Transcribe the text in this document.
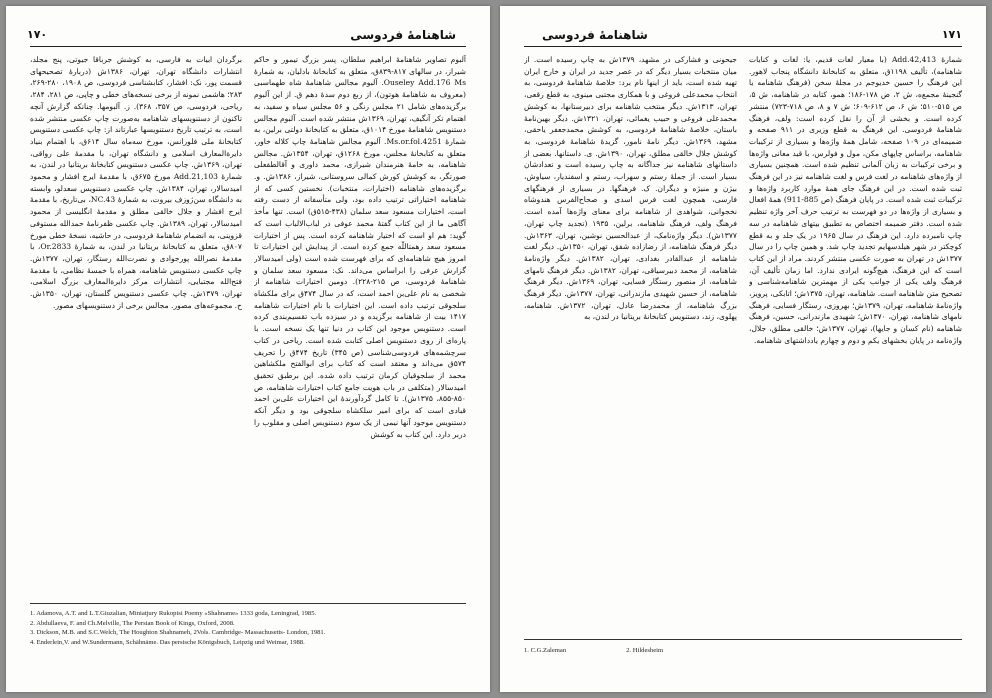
شاهنامهٔ فردوسی
۱۷۰

برگردان ابیات به فارسی، به کوشش جرباقا جیوتی، پنج مجلد، انتشارات دانشگاه تهران، تهران، ۱۳۸۶ش (دربارهٔ تصحیحهای قسمت پور، نک: افشار، کتابشناسی فردوسی، ص ۱۹۰۸، ۲۸۰-۲۶۹، ۲۸۳؛ هاشمی نمونه از برخی نسخه‌های خطی و چاپی، ص ۲۸۱، ۲۸۴، ریاحی، فردوسی، ص ۳۵۷، ۳۶۸). ز. آلبومها. چنانکه گزارش آنچه تاکنون از دستنویسهای شاهنامه به‌صورت چاپ عکسی منتشر شده است، به ترتیب تاریخ دستنویسها عبارتاند از: چاپ عکسی دستنویس کتابخانهٔ ملی فلورانس، مورخ سه‌ماه سال ۶۱۴ق، با اهتمام بنیاد دایرةالمعارف اسلامی و دانشگاه تهران، با مقدمهٔ علی رواقی، تهران، ۱۳۶۹ش. چاپ عکسی دستنویس کتابخانهٔ بریتانیا در لندن، به شمارهٔ Add.21,103 مورخ ۶۷۵ق، با مقدمهٔ ایرج افشار و محمود امیدسالار، تهران، ۱۳۸۴ش. چاپ عکسی دستنویس سعدلو، وابسته به دانشگاه سن‌ژوزف بیروت، به شمارهٔ NC.43، بی‌تاریخ، با مقدمهٔ ایرج افشار و جلال خالقی مطلق و مقدمهٔ انگلیسی از محمود امیدسالار، تهران، ۱۳۸۹ش. چاپ عکسی ظفرنامهٔ حمدالله مستوفی قزوینی، به انضمام شاهنامهٔ فردوسی، در حاشیه، نسخهٔ خطی مورخ ۸۰۷ق، متعلق به کتابخانهٔ بریتانیا در لندن، به شمارهٔ Or.2833، با مقدمهٔ نصرالله پورجوادی و نصرت‌الله رستگار، تهران، ۱۳۷۷ش. چاپ عکسی دستنویس شاهنامه، همراه با خمسهٔ نظامی، با مقدمهٔ فتح‌الله مجتبایی، انتشارات مرکز دایرةالمعارف بزرگ اسلامی، تهران، ۱۳۷۹ش. چاپ عکسی دستنویس گلستان، تهران، ۱۳۵۰ش. ح. مجموعه‌های مصور. مجالس برخی از دستنویسهای مصور.

آلبوم تصاویر شاهنامهٔ ابراهیم سلطان، پسر بزرگ تیمور و حاکم شیراز، در سالهای ۸۱۷-۸۳۹ق، متعلق به کتابخانهٔ بادلیان، به شمارهٔ Ouseley Add.176 Ms. آلبوم مجالس شاهنامهٔ شاه طهماسبی (معروف به شاهنامهٔ هوتون)، از ربع دوم سدهٔ دهم ق. از این آلبوم برگزیده‌های شامل ۲۱ مجلس رنگی و ۵۶ مجلس سیاه و سفید، به اهتمام تکر آنگیف، تهران، ۱۳۶۹ش منتشر شده است. آلبوم مجالس دستنویس شاهنامهٔ مورخ ۱۰۱۴ق، متعلق به کتابخانهٔ دولتی برلین، به شمارهٔ Ms.or.fol.4251. آلبوم مجالس شاهنامهٔ چاپ کلاله خاور، متعلق به کتابخانهٔ مجلس، مورخ ۱۲۶۸ق، تهران، ۱۳۵۴ش. مجالس شاهنامه، به خامهٔ هنرمندان شیرازی، محمد داوری و آقالطفعلی صورتگر، به کوشش کورش کمالی سروستانی، شیراز، ۱۳۸۶ش. و. برگزیده‌های شاهنامه (اختیارات، منتخبات). نخستین کسی که از شاهنامه اختیاراتی ترتیب داده بود، ولی متأسفانه از دست رفته است، اختیارات مسعود سعد سلمان (۴۳۸-۵۱۵ق) است. تنها مأخذ آگاهی ما از این کتاب گفتهٔ محمد عوفی در لباب‌الالباب است که گوید: هم او است که اختیار شاهنامه کرده است. پس از اختیارات مسعود سعد رهمتاللّه جمع کرده است. از پیدایش این اختیارات تا امروز هیچ شاهنامه‌ای که برای فهرست شده است (ولی امیدسالار گزارش عرفی را ابراساس می‌داند. نک: مسعود سعد سلمان و شاهنامهٔ فردوسی، ص ۲۱۵-۲۲۸). دومین اختیارات شاهنامه از شخصی به نام علی‌بن احمد است، که در سال ۴۷۴ق برای ملکشاه سلجوقی ترتیب داده است. این اختیارات با نام اختیارات شاهنامه ۱۴۱۷ بیت از شاهنامه برگزیده و در سیزده باب تقسیم‌بندی کرده است. دستنویس موجود این کتاب در دنیا تنها یک نسخه است. با پاره‌ای از روی دستنویس اصلی کتابت شده است. ریاحی در کتاب سرچشمه‌های فردوسی‌شناسی (ص ۳۴۵) تاریخ ۴۷۴ق را تحریف ۵۷۴ق می‌داند و معتقد است که کتاب برای ابوالفتح ملکشاهین محمد از سلجوقیان کرمان ترتیب داده شده. این برطبق تحقیق امیدسالار (متکلفی در باب هویت جامع کتاب اختیارات شاهنامه، ص ۸۵۰-۸۵۵، ۱۳۷۵ش). تا کامل گردآورندهٔ این اختیارات علی‌بن احمد قبادی است که برای امیر سلکشاه سلجوقی بود و دیگر آنکه دستنویس موجود آنها نیمی از یک سوم دستنویس اصلی و مقلوب را دربر دارد. این کتاب به کوشش

1. Adamova, A.T. and L.T.Giuzalian, Miniatjury Rukopisi Poemy «Shahname» 1333 goda, Leningrad, 1985.
2. Abdullaeva, F. and Ch.Melville, The Persian Book of Kings, Oxford, 2008.
3. Dickson, M.B. and S.C.Welch, The Houghton Shahnameh, 2Vols. Cambridge- Massachusetts- London, 1981.
4. Enderlein,V. and W.Sundermann, Schāhnāme. Das persische Königsbuch, Leipzig und Weimar, 1988.
شاهنامهٔ فردوسی	۱۷۱

جیحونی و فشارکی در مشهد، ۱۳۷۹ش به چاپ رسیده است. از میان منتخبات بسیار دیگر که در عصر جدید در ایران و خارج ایران تهیه شده است، باید از اینها نام برد: خلاصهٔ شاهنامهٔ فردوسی، به انتخاب محمدعلی فروغی و با همکاری مجتبی مینوی، به قطع رقعی، تهران، ۱۳۱۳ش. دیگر منتخب شاهنامه برای دبیرستانها، به کوشش محمدعلی فروغی و حبیب یغمائی، تهران، ۱۳۲۱ش. دیگر بهین‌نامهٔ باستان، خلاصهٔ شاهنامهٔ فردوسی، به کوشش محمدجعفر یاحقی، مشهد، ۱۳۶۹ش. دیگر نامهٔ نامور، گزیدهٔ شاهنامهٔ فردوسی، به کوشش جلال خالقی مطلق، تهران، ۱۳۹۰ش. ی. داستانها. بعضی از داستانهای شاهنامه نیز جداگانه به چاپ رسیده است و تعدادشان بسیار است. از جملهٔ رستم و سهراب، رستم و اسفندیار، سیاوش، بیژن و منیژه و دیگران. ک. فرهنگها. در بسیاری از فرهنگهای فارسی، همچون لغت فرس اسدی و صحاح‌الفرس هندوشاه نخجوانی، شواهدی از شاهنامه برای معنای واژه‌ها آمده است. فرهنگ ولف، فرهنگ شاهنامه، برلین، ۱۹۳۵ (تجدید چاپ تهران، ۱۳۷۷ش). دیگر واژه‌نامک، از عبدالحسین نوشین، تهران، ۱۳۶۳ش. دیگر فرهنگ شاهنامه، از رضازاده شفق، تهران، ۱۳۵۰ش. دیگر لغت شاهنامه از عبدالقادر بغدادی، تهران، ۱۳۸۲ش. دیگر واژه‌نامهٔ شاهنامه، از محمد دبیرسیاقی، تهران، ۱۳۸۲ش. دیگر فرهنگ نامهای شاهنامه، از منصور رستگار فسایی، تهران، ۱۳۶۹ش. دیگر فرهنگ شاهنامه، از حسین شهیدی مازندرانی، تهران، ۱۳۷۷ش. دیگر فرهنگ بزرگ شاهنامه، از محمدرضا عادل، تهران، ۱۳۷۲ش. شاهنامه، پهلوی، زند، دستنویس کتابخانهٔ بریتانیا در لندن، به

شمارهٔ Add.42,413 (با معیار لغات قدیم، یا: لغات و کنایات شاهنامه)، تألیف ۱۱۹۸ق، متعلق به کتابخانهٔ دانشگاه پنجاب لاهور. این فرهنگ را حسین خدیوجم در مجلهٔ سخن (فرهنگ شاهنامه یا گنجینهٔ مجمع‌ه، ش ۲، ص ۱۷۸-۱۸۶؛ همو، کتابه در شاهنامه، ش ۵، ص ۵۱۵-۵۱۰؛ ش ۶، ص ۶۱۲-۶۰۹؛ ش ۷ و ۸، ص ۷۱۸-۷۲۳) منتشر کرده است. و بخشی از آن را نقل کرده است: ولف، فرهنگ شاهنامهٔ فردوسی. این فرهنگ به قطع وزیری در ۹۱۱ صفحه و ضمیمه‌ای در ۱۰۹ صفحه، شامل همهٔ واژه‌ها و بسیاری از ترکیبات شاهنامه، براساس چاپهای مکن، مول و فولرس، با قید معانی واژه‌ها و برخی ترکیبات به زبان آلمانی تنظیم شده است. همچنین بسیاری از واژه‌های شاهنامه در لغت فرس و لغت شاهنامه نیز در این فرهنگ ثبت شده است. در این فرهنگ جای همهٔ موارد کاربرد واژه‌ها و ترکیبات ثبت شده است. در پایان فرهنگ (ص 885-911) همهٔ افعال و بسیاری از واژه‌ها در دو فهرست به ترتیب حرف آخر واژه تنظیم شده است. دفتر ضمیمه اختصاص به تطبیق بیتهای شاهنامه در سه چاپ نامبرده دارد. این فرهنگ در سال ۱۹۶۵ در یک جلد و به قطع کوچکتر در شهر هیلدسهایم تجدید چاپ شد. و همین چاپ را در سال ۱۳۷۷ش در تهران به صورت عکسی منتشر کردند. مراد از این کتاب است که این فرهنگ، هیچ‌گونه ایرادی ندارد. اما زمان تألیف آن، فرهنگ ولف یکی از جوانب یکی از مهمترین شاهنامه‌شناسی و تصحیح متن شاهنامه است. شاهنامه، تهران، ۱۳۷۵ش؛ اتابکی، پرویز، واژه‌نامهٔ شاهنامه، تهران، ۱۳۷۹ش؛ بهروزی، رستگار فسایی، فرهنگ نامهای شاهنامه، تهران، ۱۳۷۰ش؛ شهیدی مازندرانی، حسین، فرهنگ شاهنامه (نام کسان و جایها)، تهران، ۱۳۷۷ش؛ خالقی مطلق، جلال، واژه‌نامه در پایان بخشهای یکم و دوم و چهارم یادداشتهای شاهنامه.

1. C.G.Zaleman	2. Hildesheim
